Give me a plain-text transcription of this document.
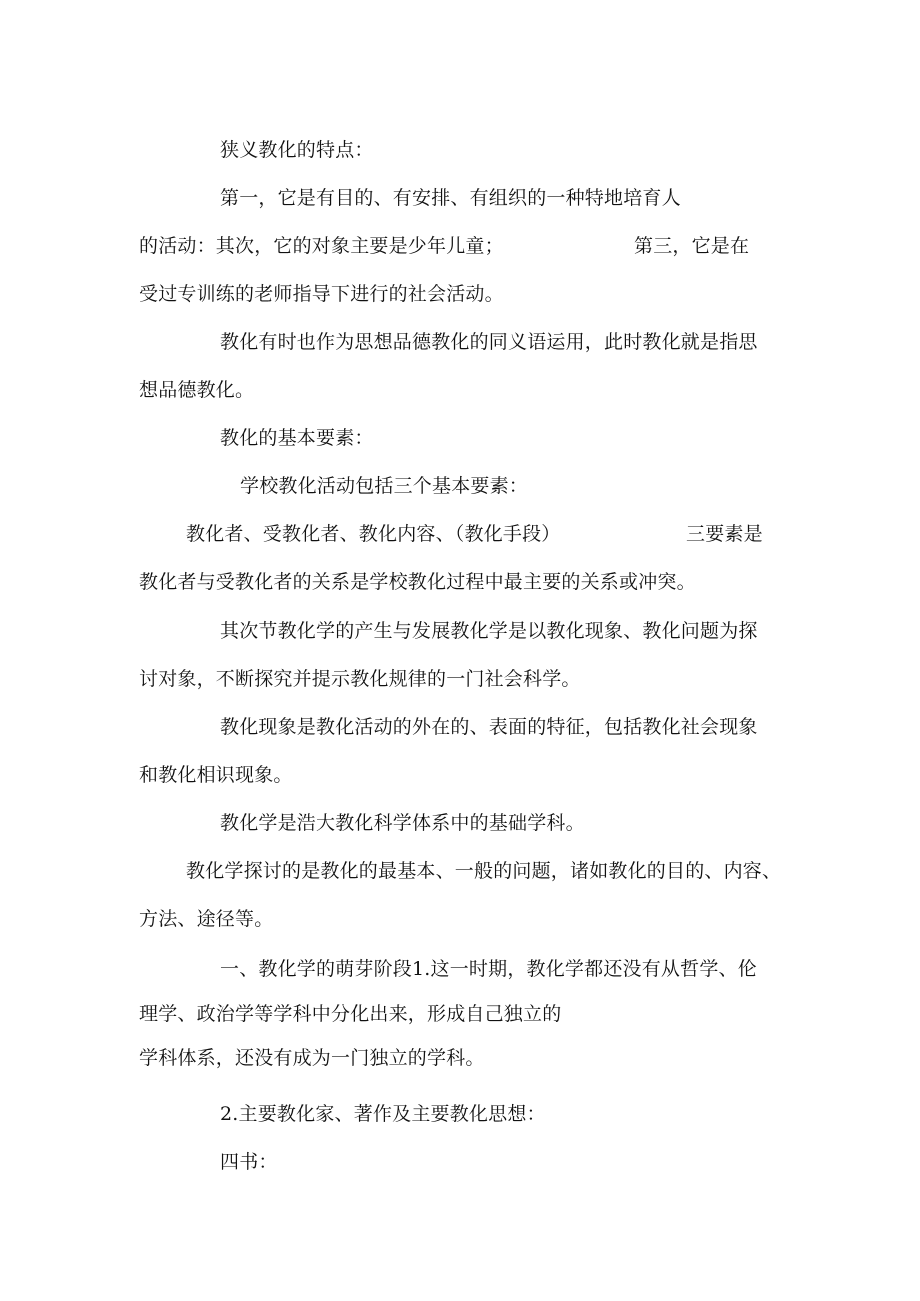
狭义教化的特点：
第一，它是有目的、有安排、有组织的一种特地培育人
的活动：其次，它的对象主要是少年儿童；	第三，它是在
受过专训练的老师指导下进行的社会活动。
教化有时也作为思想品德教化的同义语运用，此时教化就是指思
想品德教化。
教化的基本要素：
学校教化活动包括三个基本要素：
教化者、受教化者、教化内容、（教化手段）	三要素是
教化者与受教化者的关系是学校教化过程中最主要的关系或冲突。
其次节教化学的产生与发展教化学是以教化现象、教化问题为探
讨对象，不断探究并提示教化规律的一门社会科学。
教化现象是教化活动的外在的、表面的特征，包括教化社会现象
和教化相识现象。
教化学是浩大教化科学体系中的基础学科。
教化学探讨的是教化的最基本、一般的问题，诸如教化的目的、内容、
方法、途径等。
一、教化学的萌芽阶段1.这一时期，教化学都还没有从哲学、伦
理学、政治学等学科中分化出来，形成自己独立的
学科体系，还没有成为一门独立的学科。
2.主要教化家、著作及主要教化思想：
四书：
